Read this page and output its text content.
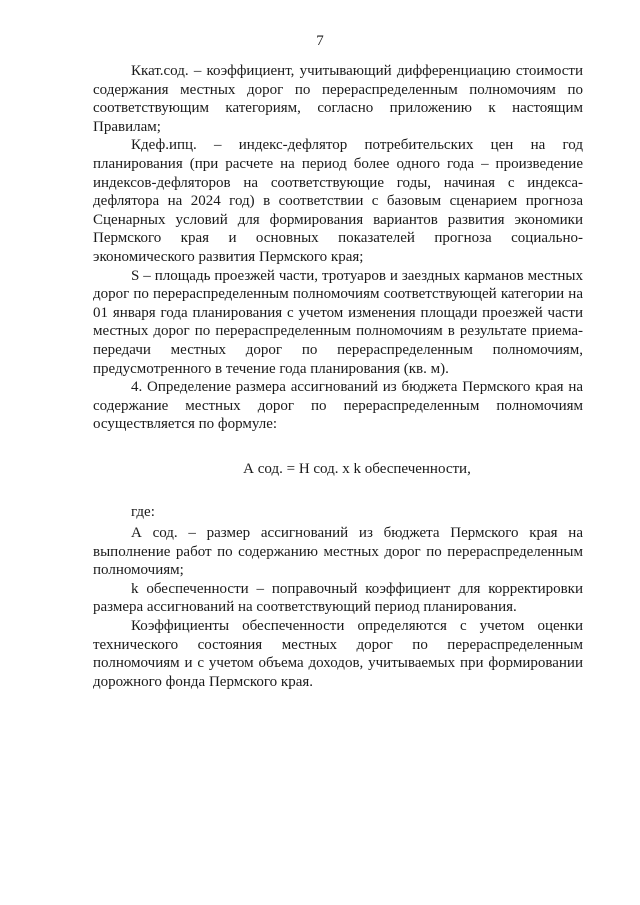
7

Ккат.сод. – коэффициент, учитывающий дифференциацию стоимости содержания местных дорог по перераспределенным полномочиям по соответствующим категориям, согласно приложению к настоящим Правилам;

Кдеф.ипц. – индекс-дефлятор потребительских цен на год планирования (при расчете на период более одного года – произведение индексов-дефляторов на соответствующие годы, начиная с индекса-дефлятора на 2024 год) в соответствии с базовым сценарием прогноза Сценарных условий для формирования вариантов развития экономики Пермского края и основных показателей прогноза социально-экономического развития Пермского края;

S – площадь проезжей части, тротуаров и заездных карманов местных дорог по перераспределенным полномочиям соответствующей категории на 01 января года планирования с учетом изменения площади проезжей части местных дорог по перераспределенным полномочиям в результате приема-передачи местных дорог по перераспределенным полномочиям, предусмотренного в течение года планирования (кв. м).

4. Определение размера ассигнований из бюджета Пермского края на содержание местных дорог по перераспределенным полномочиям осуществляется по формуле:

А сод. = Н сод. х k обеспеченности,

где:

А сод. – размер ассигнований из бюджета Пермского края на выполнение работ по содержанию местных дорог по перераспределенным полномочиям;

k обеспеченности – поправочный коэффициент для корректировки размера ассигнований на соответствующий период планирования.

Коэффициенты обеспеченности определяются с учетом оценки технического состояния местных дорог по перераспределенным полномочиям и с учетом объема доходов, учитываемых при формировании дорожного фонда Пермского края.
